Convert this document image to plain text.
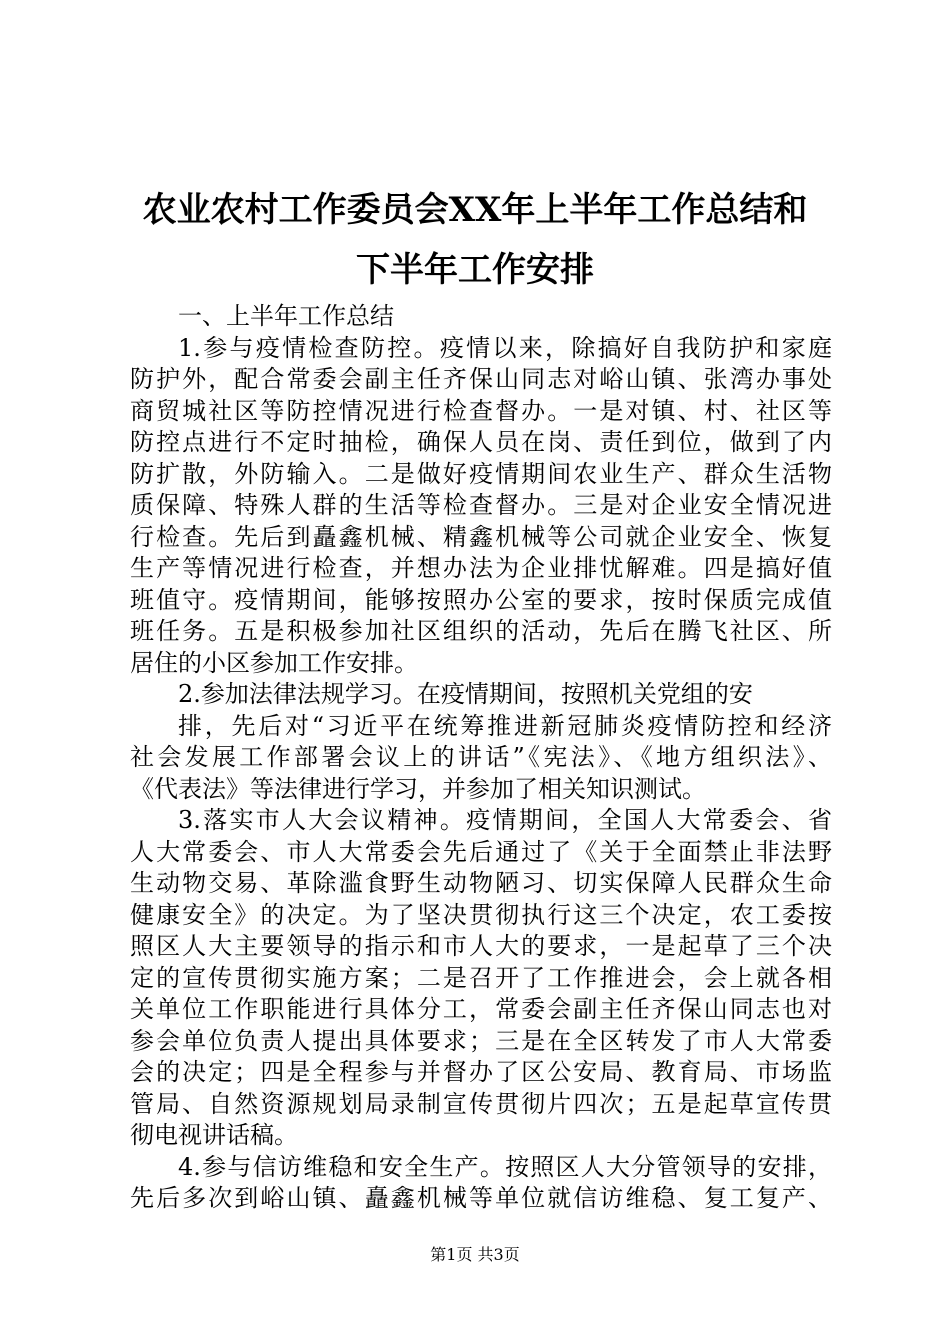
农业农村工作委员会XX年上半年工作总结和
下半年工作安排
一、上半年工作总结
1.参与疫情检查防控。疫情以来，除搞好自我防护和家庭
防护外，配合常委会副主任齐保山同志对峪山镇、张湾办事处
商贸城社区等防控情况进行检查督办。一是对镇、村、社区等
防控点进行不定时抽检，确保人员在岗、责任到位，做到了内
防扩散，外防输入。二是做好疫情期间农业生产、群众生活物
质保障、特殊人群的生活等检查督办。三是对企业安全情况进
行检查。先后到矗鑫机械、精鑫机械等公司就企业安全、恢复
生产等情况进行检查，并想办法为企业排忧解难。四是搞好值
班值守。疫情期间，能够按照办公室的要求，按时保质完成值
班任务。五是积极参加社区组织的活动，先后在腾飞社区、所
居住的小区参加工作安排。
2.参加法律法规学习。在疫情期间，按照机关党组的安
排，先后对“习近平在统筹推进新冠肺炎疫情防控和经济
社会发展工作部署会议上的讲话”《宪法》、《地方组织法》、
《代表法》等法律进行学习，并参加了相关知识测试。
3.落实市人大会议精神。疫情期间，全国人大常委会、省
人大常委会、市人大常委会先后通过了《关于全面禁止非法野
生动物交易、革除滥食野生动物陋习、切实保障人民群众生命
健康安全》的决定。为了坚决贯彻执行这三个决定，农工委按
照区人大主要领导的指示和市人大的要求，一是起草了三个决
定的宣传贯彻实施方案；二是召开了工作推进会，会上就各相
关单位工作职能进行具体分工，常委会副主任齐保山同志也对
参会单位负责人提出具体要求；三是在全区转发了市人大常委
会的决定；四是全程参与并督办了区公安局、教育局、市场监
管局、自然资源规划局录制宣传贯彻片四次；五是起草宣传贯
彻电视讲话稿。
4.参与信访维稳和安全生产。按照区人大分管领导的安排，
先后多次到峪山镇、矗鑫机械等单位就信访维稳、复工复产、
第1页 共3页
